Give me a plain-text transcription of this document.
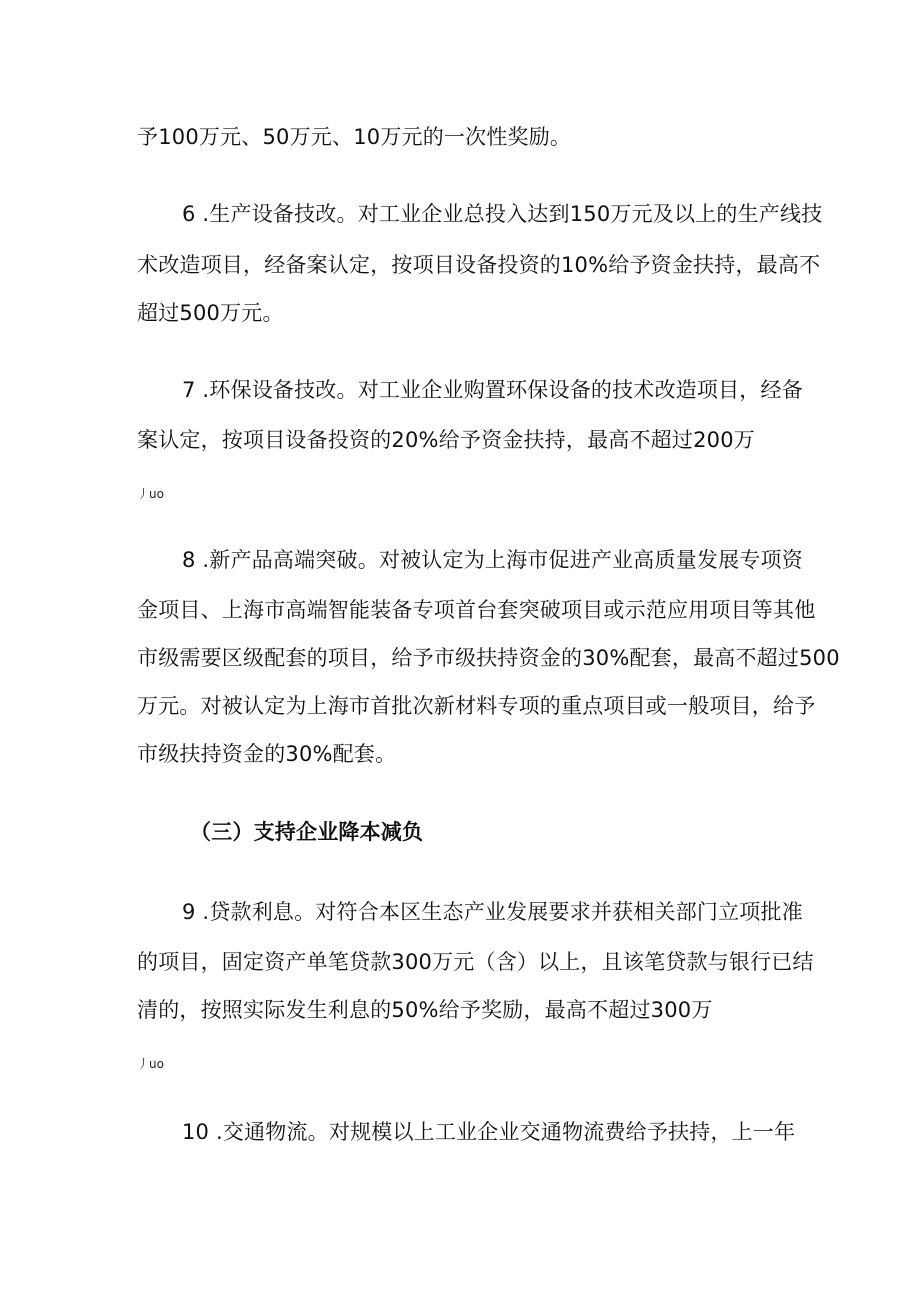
予100万元、50万元、10万元的一次性奖励。
6 .生产设备技改。对工业企业总投入达到150万元及以上的生产线技
术改造项目，经备案认定，按项目设备投资的10%给予资金扶持，最高不
超过500万元。
7 .环保设备技改。对工业企业购置环保设备的技术改造项目，经备
案认定，按项目设备投资的20%给予资金扶持，最高不超过200万
丿uo
8 .新产品高端突破。对被认定为上海市促进产业高质量发展专项资
金项目、上海市高端智能装备专项首台套突破项目或示范应用项目等其他
市级需要区级配套的项目，给予市级扶持资金的30%配套，最高不超过500
万元。对被认定为上海市首批次新材料专项的重点项目或一般项目，给予
市级扶持资金的30%配套。
（三）支持企业降本减负
9 .贷款利息。对符合本区生态产业发展要求并获相关部门立项批准
的项目，固定资产单笔贷款300万元（含）以上，且该笔贷款与银行已结
清的，按照实际发生利息的50%给予奖励，最高不超过300万
丿uo
10 .交通物流。对规模以上工业企业交通物流费给予扶持，上一年
